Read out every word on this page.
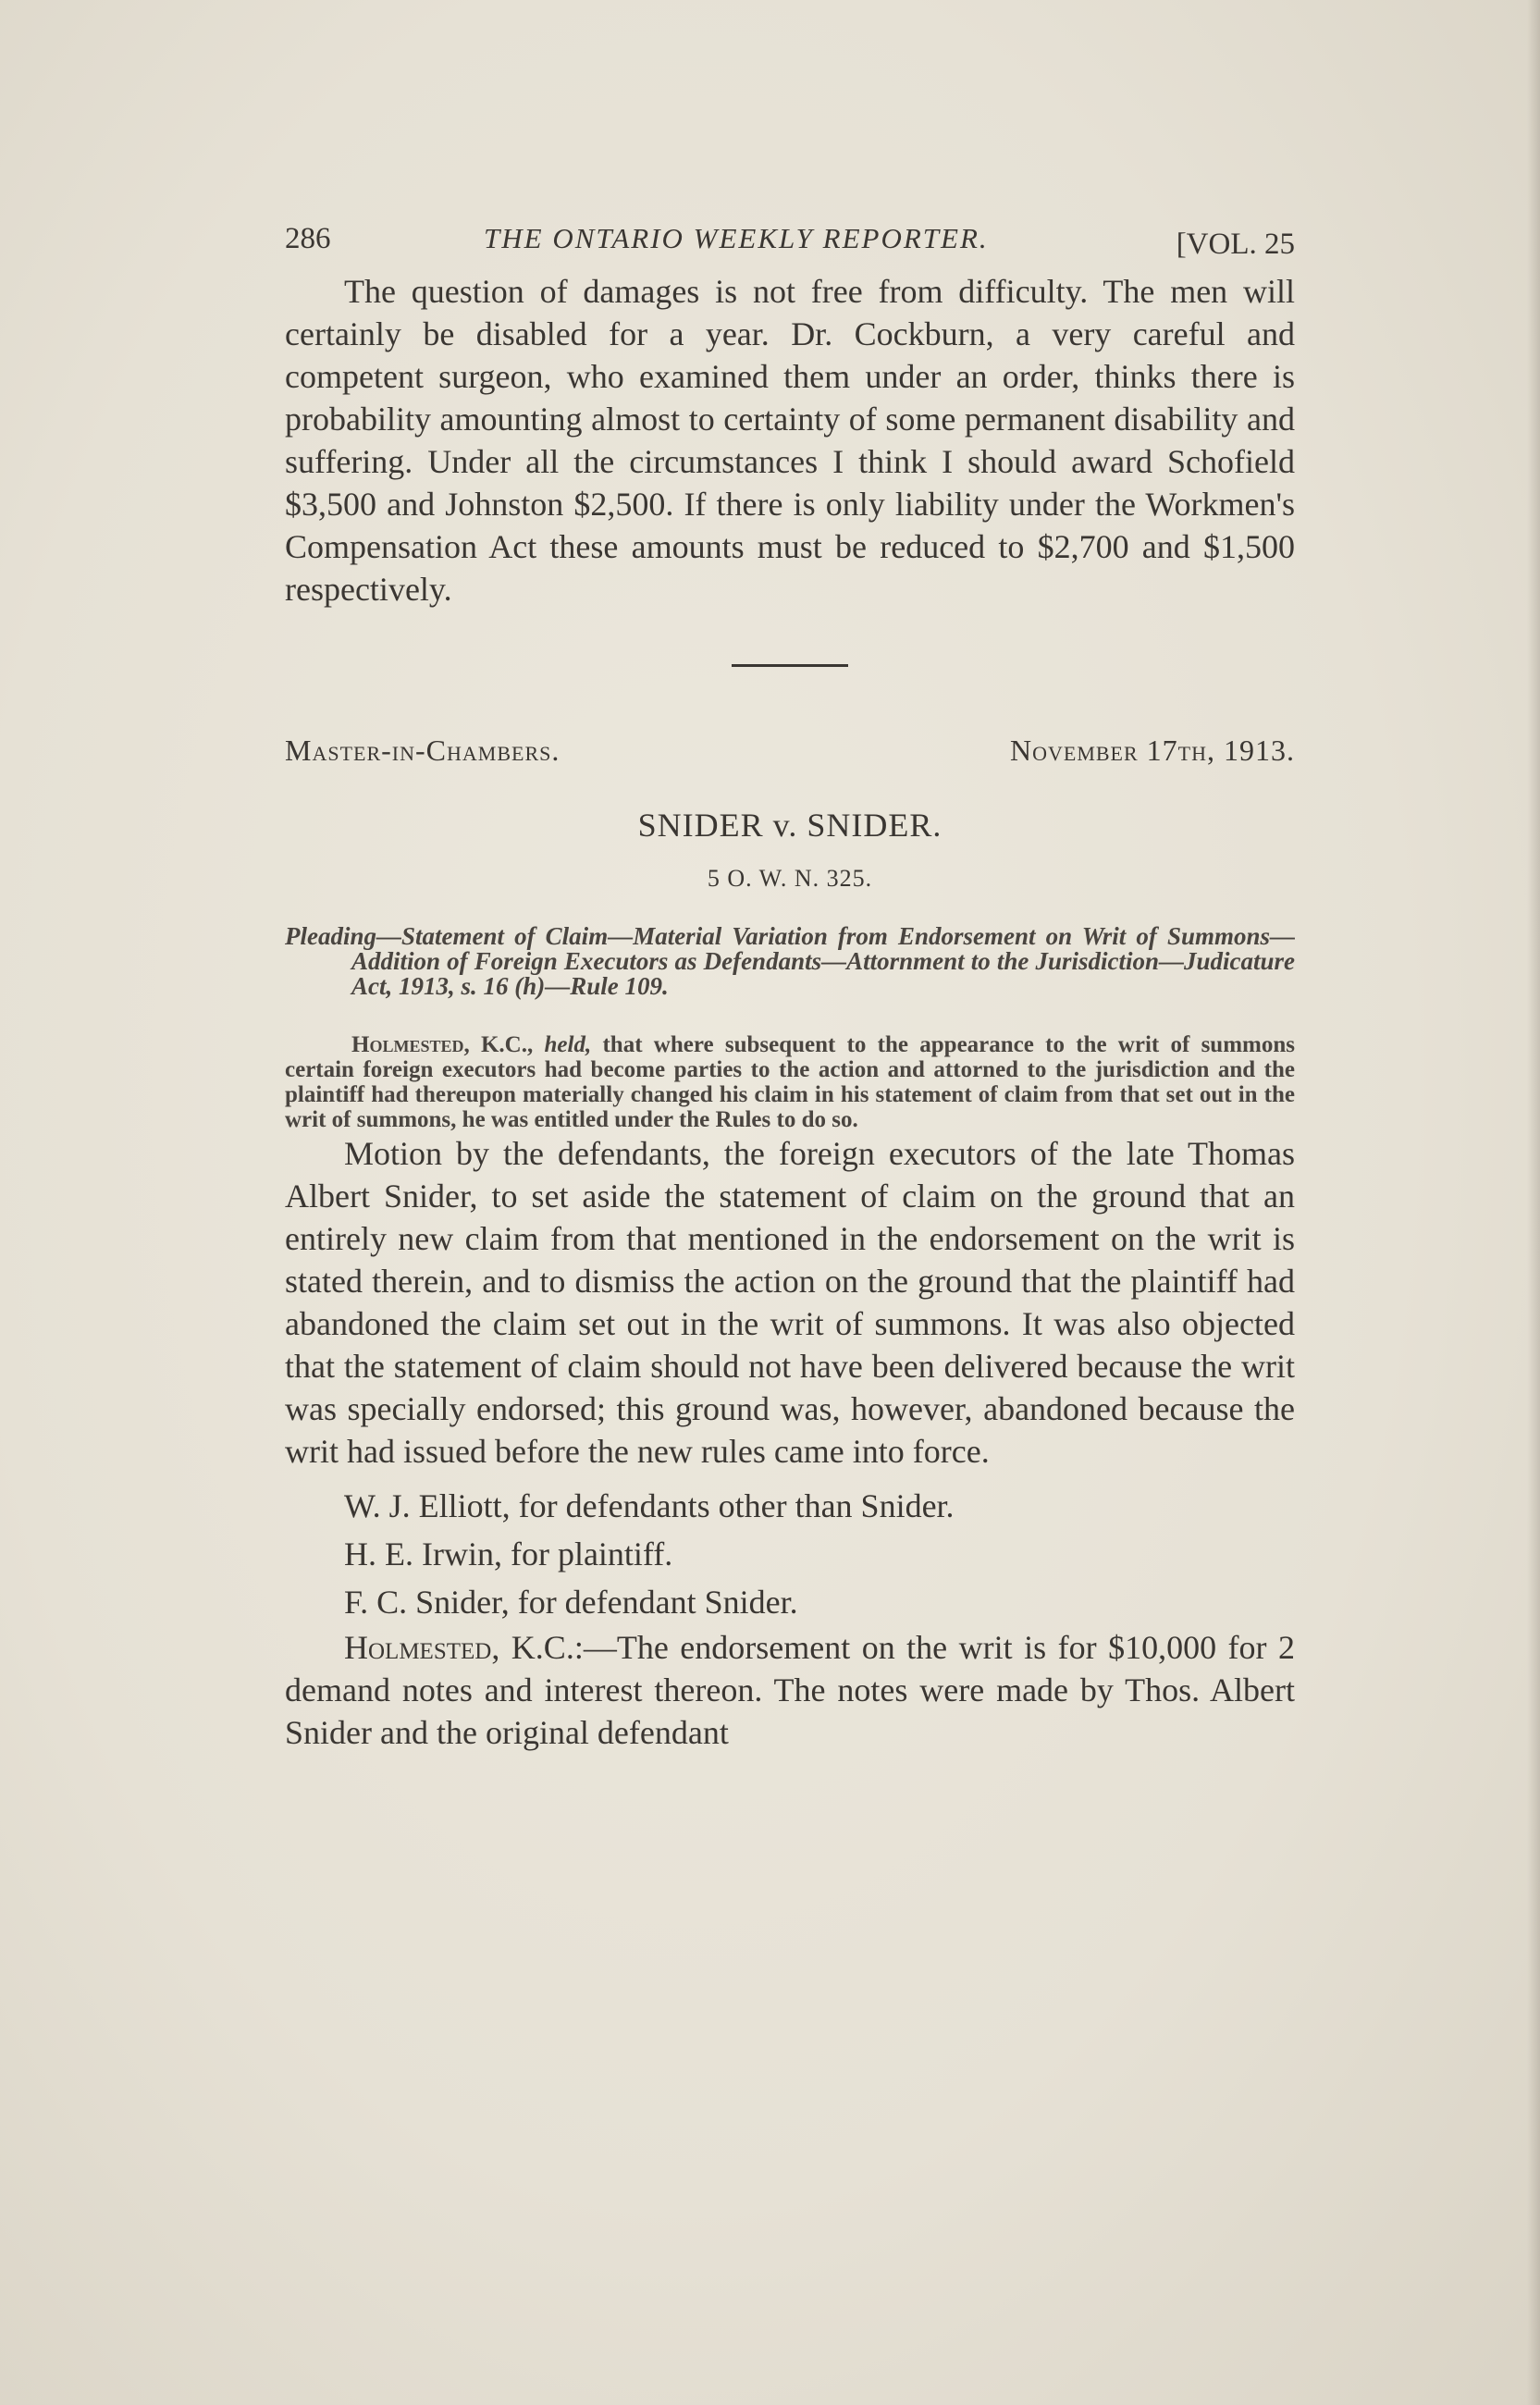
286	THE ONTARIO WEEKLY REPORTER.	[VOL. 25

The question of damages is not free from difficulty. The men will certainly be disabled for a year. Dr. Cockburn, a very careful and competent surgeon, who examined them under an order, thinks there is probability amounting almost to certainty of some permanent disability and suffering. Under all the circumstances I think I should award Schofield $3,500 and Johnston $2,500. If there is only liability under the Workmen's Compensation Act these amounts must be reduced to $2,700 and $1,500 respectively.

Master-in-Chambers.	November 17th, 1913.
SNIDER v. SNIDER.
5 O. W. N. 325.
Pleading—Statement of Claim—Material Variation from Endorsement on Writ of Summons—Addition of Foreign Executors as Defendants—Attornment to the Jurisdiction—Judicature Act, 1913, s. 16 (h)—Rule 109.
Holmested, K.C., held, that where subsequent to the appearance to the writ of summons certain foreign executors had become parties to the action and attorned to the jurisdiction and the plaintiff had thereupon materially changed his claim in his statement of claim from that set out in the writ of summons, he was entitled under the Rules to do so.

Motion by the defendants, the foreign executors of the late Thomas Albert Snider, to set aside the statement of claim on the ground that an entirely new claim from that mentioned in the endorsement on the writ is stated therein, and to dismiss the action on the ground that the plaintiff had abandoned the claim set out in the writ of summons. It was also objected that the statement of claim should not have been delivered because the writ was specially endorsed; this ground was, however, abandoned because the writ had issued before the new rules came into force.

W. J. Elliott, for defendants other than Snider.

H. E. Irwin, for plaintiff.

F. C. Snider, for defendant Snider.

Holmested, K.C.:—The endorsement on the writ is for $10,000 for 2 demand notes and interest thereon. The notes were made by Thos. Albert Snider and the original defendant
